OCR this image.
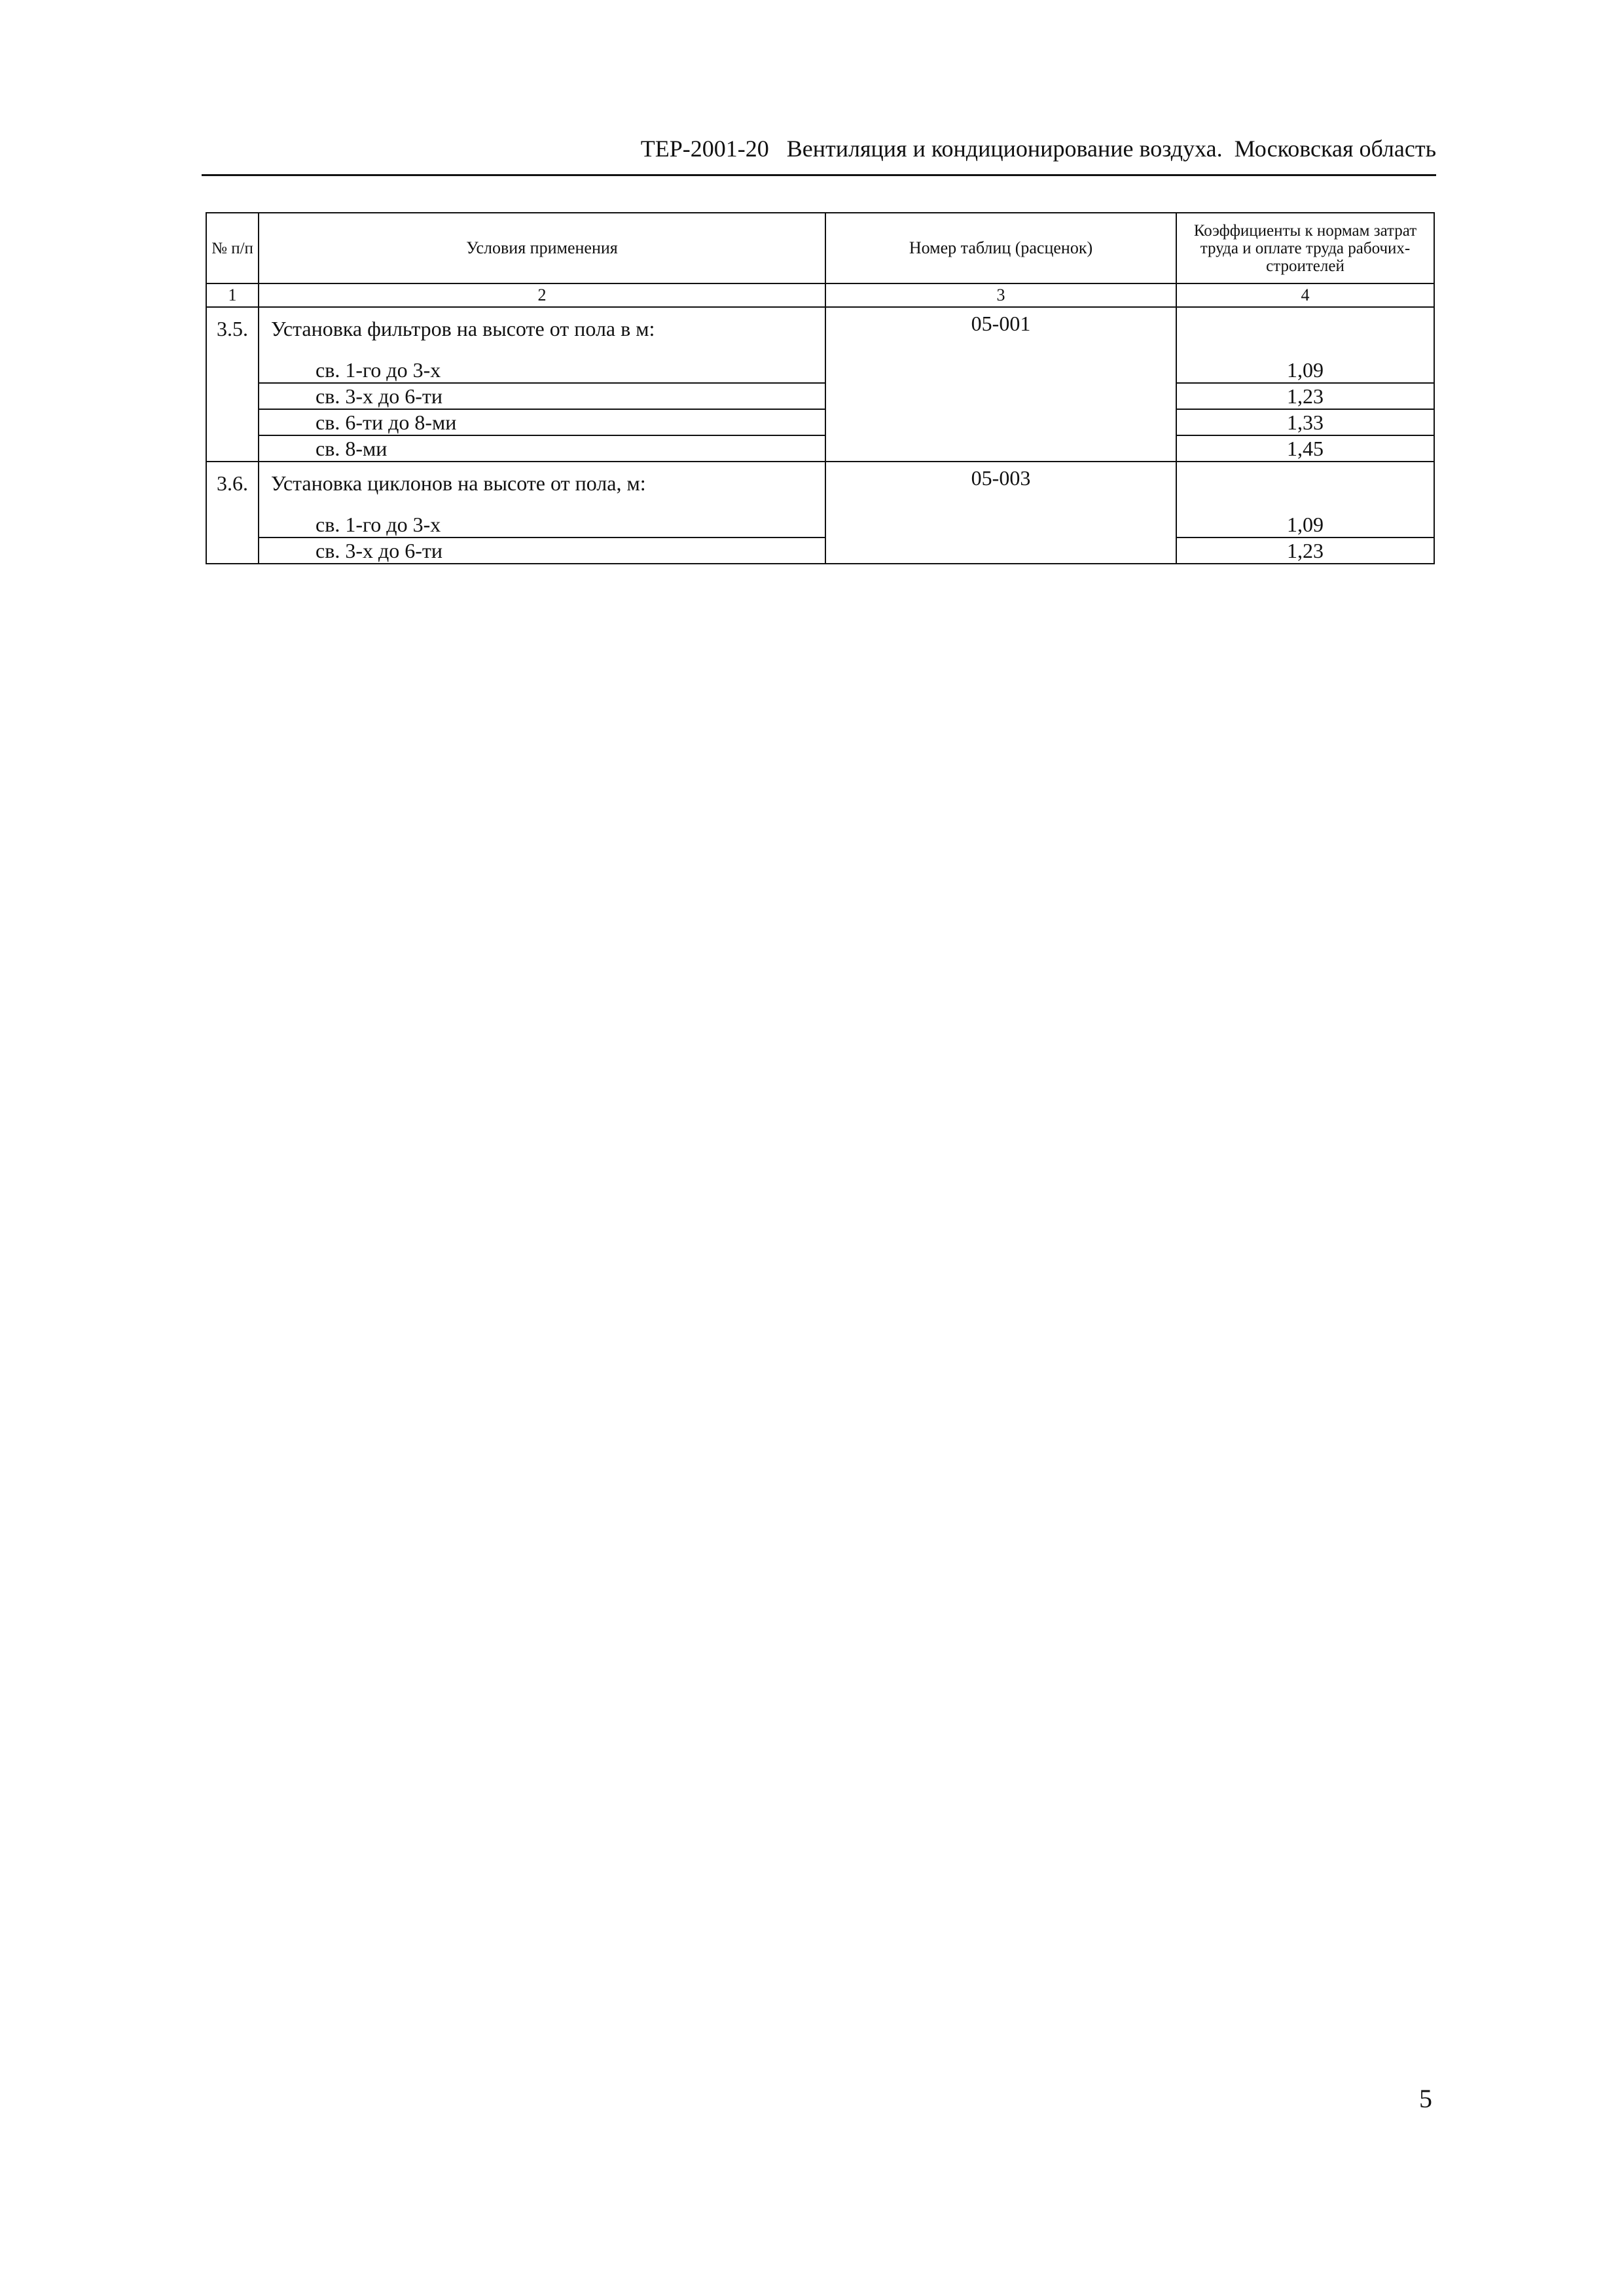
ТЕР-2001-20   Вентиляция и кондиционирование воздуха.  Московская область
№ п/п	Условия применения	Номер таблиц (расценок)	Коэффициенты к нормам затрат труда и оплате труда рабочих-строителей
1	2	3	4
3.5.	Установка фильтров на высоте от пола в м:	05-001	
	св. 1-го до 3-х		1,09
	св. 3-х до 6-ти		1,23
	св. 6-ти до 8-ми		1,33
	св. 8-ми		1,45
3.6.	Установка циклонов на высоте от пола, м:	05-003	
	св. 1-го до 3-х		1,09
	св. 3-х до 6-ти		1,23
5
